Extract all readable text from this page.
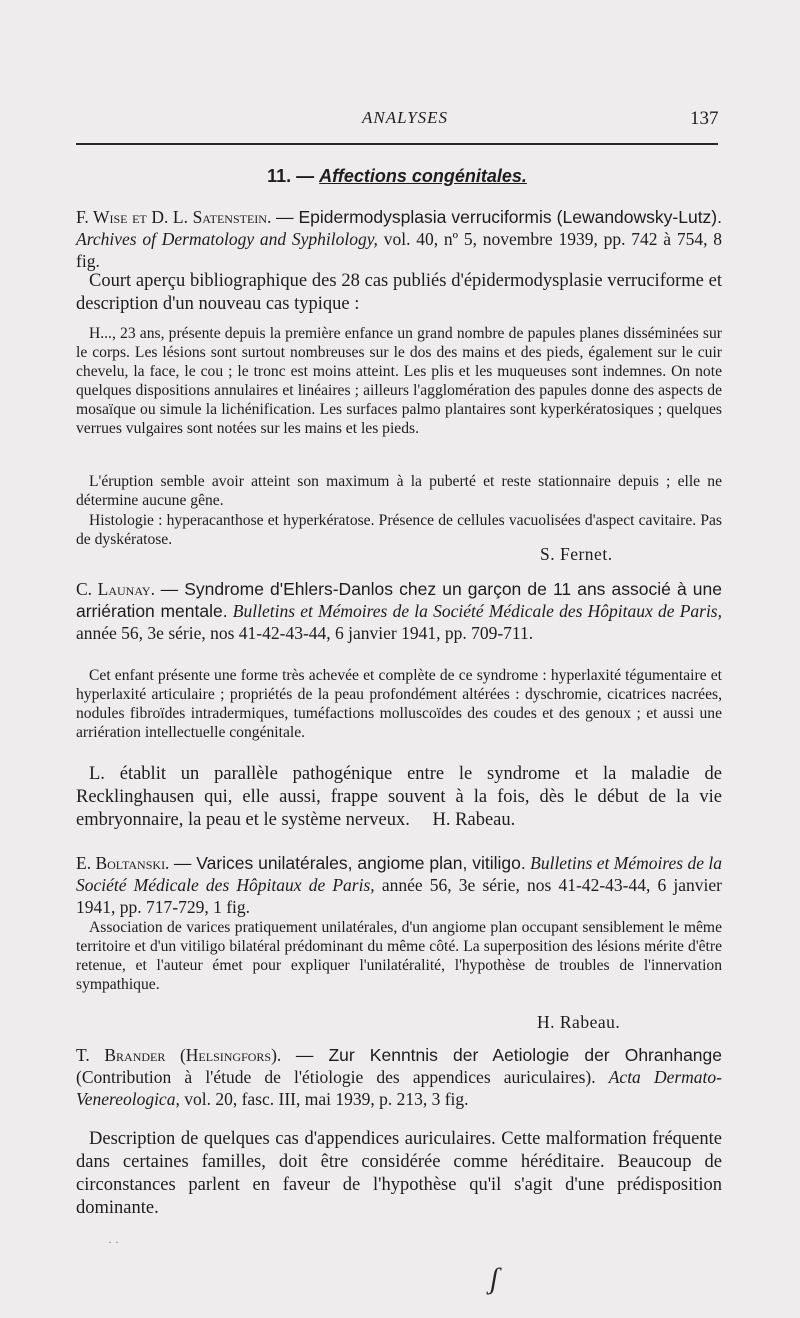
ANALYSES	137
11. — Affections congénitales.
F. Wise et D. L. Satenstein. — Epidermodysplasia verruciformis (Lewandowsky-Lutz). Archives of Dermatology and Syphilology, vol. 40, nº 5, novembre 1939, pp. 742 à 754, 8 fig.
Court aperçu bibliographique des 28 cas publiés d'épidermodysplasie verruciforme et description d'un nouveau cas typique :
H..., 23 ans, présente depuis la première enfance un grand nombre de papules planes disséminées sur le corps. Les lésions sont surtout nombreuses sur le dos des mains et des pieds, également sur le cuir chevelu, la face, le cou ; le tronc est moins atteint. Les plis et les muqueuses sont indemnes. On note quelques dispositions annulaires et linéaires ; ailleurs l'agglomération des papules donne des aspects de mosaïque ou simule la lichénification. Les surfaces palmo plantaires sont kyperkératosiques ; quelques verrues vulgaires sont notées sur les mains et les pieds.
L'éruption semble avoir atteint son maximum à la puberté et reste stationnaire depuis ; elle ne détermine aucune gêne.
Histologie : hyperacanthose et hyperkératose. Présence de cellules vacuolisées d'aspect cavitaire. Pas de dyskératose.
S. Fernet.
C. Launay. — Syndrome d'Ehlers-Danlos chez un garçon de 11 ans associé à une arriération mentale. Bulletins et Mémoires de la Société Médicale des Hôpitaux de Paris, année 56, 3e série, nos 41-42-43-44, 6 janvier 1941, pp. 709-711.
Cet enfant présente une forme très achevée et complète de ce syndrome : hyperlaxité tégumentaire et hyperlaxité articulaire ; propriétés de la peau profondément altérées : dyschromie, cicatrices nacrées, nodules fibroïdes intradermiques, tuméfactions molluscoïdes des coudes et des genoux ; et aussi une arriération intellectuelle congénitale.
L. établit un parallèle pathogénique entre le syndrome et la maladie de Recklinghausen qui, elle aussi, frappe souvent à la fois, dès le début de la vie embryonnaire, la peau et le système nerveux. H. Rabeau.
E. Boltanski. — Varices unilatérales, angiome plan, vitiligo. Bulletins et Mémoires de la Société Médicale des Hôpitaux de Paris, année 56, 3e série, nos 41-42-43-44, 6 janvier 1941, pp. 717-729, 1 fig.
Association de varices pratiquement unilatérales, d'un angiome plan occupant sensiblement le même territoire et d'un vitiligo bilatéral prédominant du même côté. La superposition des lésions mérite d'être retenue, et l'auteur émet pour expliquer l'unilatéralité, l'hypothèse de troubles de l'innervation sympathique.
H. Rabeau.
T. Brander (Helsingfors). — Zur Kenntnis der Aetiologie der Ohranhange (Contribution à l'étude de l'étiologie des appendices auriculaires). Acta Dermato-Venereologica, vol. 20, fasc. III, mai 1939, p. 213, 3 fig.
Description de quelques cas d'appendices auriculaires. Cette malformation fréquente dans certaines familles, doit être considérée comme héréditaire. Beaucoup de circonstances parlent en faveur de l'hypothèse qu'il s'agit d'une prédisposition dominante.
· ·
ʃ
